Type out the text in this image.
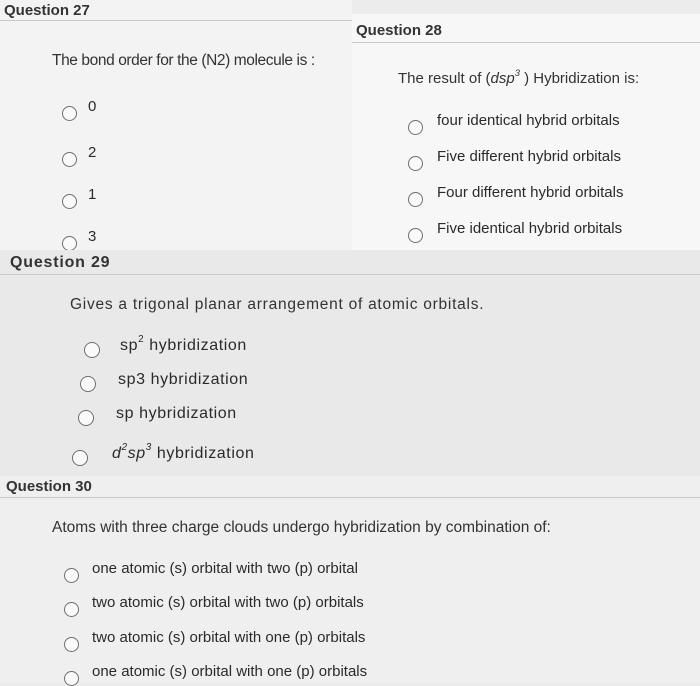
Question 27
The bond order for the (N2) molecule is :
0
2
1
3
Question 28
The result of (dsp$^3$ ) Hybridization is:
four identical hybrid orbitals
Five different hybrid orbitals
Four different hybrid orbitals
Five identical hybrid orbitals
Question 29
Gives a trigonal planar arrangement of atomic orbitals.
$sp^2$ hybridization
sp3 hybridization
sp hybridization
$d^2sp^3$ hybridization
Question 30
Atoms with three charge clouds undergo hybridization by combination of:
one atomic (s) orbital with two (p) orbital
two atomic (s) orbital with two (p) orbitals
two atomic (s) orbital with one (p) orbitals
one atomic (s) orbital with one (p) orbitals
